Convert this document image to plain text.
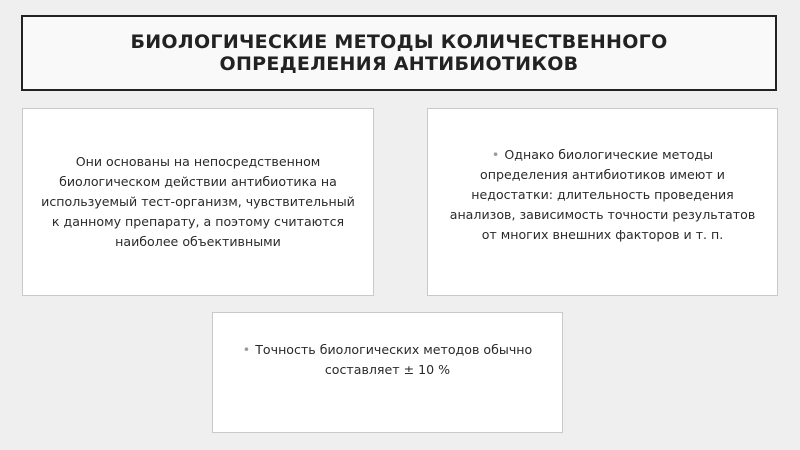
БИОЛОГИЧЕСКИЕ МЕТОДЫ КОЛИЧЕСТВЕННОГО
ОПРЕДЕЛЕНИЯ АНТИБИОТИКОВ
Они основаны на непосредственном биологическом действии антибиотика на используемый тест-организм, чувствительный к данному препарату, а поэтому считаются наиболее объективными
• Однако биологические методы определения антибиотиков имеют и недостатки: длительность проведения анализов, зависимость точности результатов от многих внешних факторов и т. п.
• Точность биологических методов обычно составляет ± 10 %
